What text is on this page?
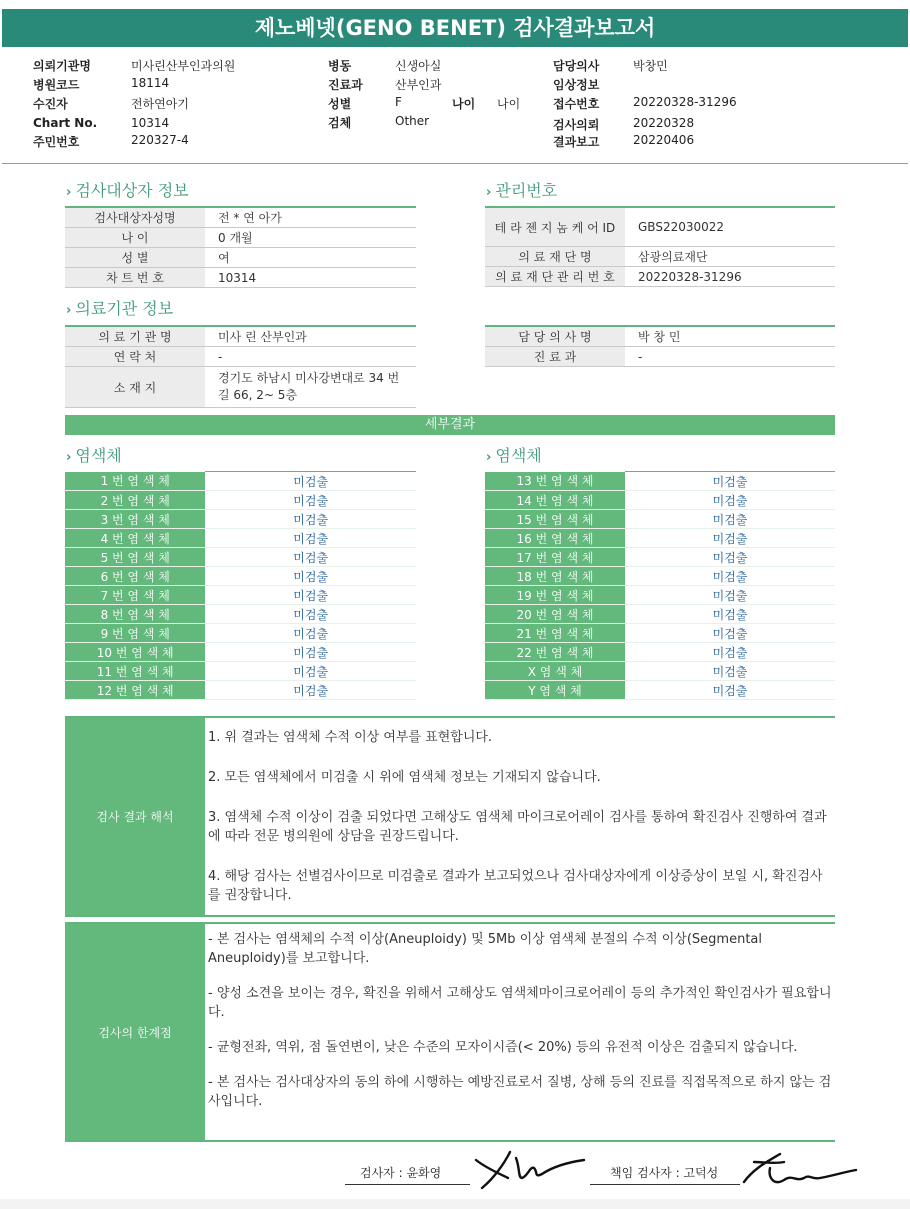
제노베넷(GENO BENET) 검사결과보고서
의뢰기관명	미사린산부인과의원
병원코드	18114
수진자	전하연아기
Chart No.	10314
주민번호	220327-4
병동	신생아실
진료과	산부인과
성별	F	나이 나이
검체	Other
담당의사	박창민
임상정보
접수번호	20220328-31296
검사의뢰	20220328
결과보고	20220406
› 검사대상자 정보
검사대상자성명	전 * 연 아가
나 이	0 개월
성 별	여
차 트 번 호	10314
› 관리번호
테 라 젠 지 놈 케 어 ID	GBS22030022
의 료 재 단 명	삼광의료재단
의 료 재 단 관 리 번 호	20220328-31296
› 의료기관 정보
의 료 기 관 명	미사 린 산부인과
연 락 처	-
소 재 지	경기도 하남시 미사강변대로 34 번길 66, 2~ 5층
담 당 의 사 명	박 창 민
진 료 과	-
세부결과
› 염색체	› 염색체
1 번 염 색 체	미검출
2 번 염 색 체	미검출
3 번 염 색 체	미검출
4 번 염 색 체	미검출
5 번 염 색 체	미검출
6 번 염 색 체	미검출
7 번 염 색 체	미검출
8 번 염 색 체	미검출
9 번 염 색 체	미검출
10 번 염 색 체	미검출
11 번 염 색 체	미검출
12 번 염 색 체	미검출
13 번 염 색 체	미검출
14 번 염 색 체	미검출
15 번 염 색 체	미검출
16 번 염 색 체	미검출
17 번 염 색 체	미검출
18 번 염 색 체	미검출
19 번 염 색 체	미검출
20 번 염 색 체	미검출
21 번 염 색 체	미검출
22 번 염 색 체	미검출
X 염 색 체	미검출
Y 염 색 체	미검출
검사 결과 해석

1. 위 결과는 염색체 수적 이상 여부를 표현합니다.

2. 모든 염색체에서 미검출 시 위에 염색체 정보는 기재되지 않습니다.

3. 염색체 수적 이상이 검출 되었다면 고해상도 염색체 마이크로어레이 검사를 통하여 확진검사 진행하여 결과에 따라 전문 병의원에 상담을 권장드립니다.

4. 해당 검사는 선별검사이므로 미검출로 결과가 보고되었으나 검사대상자에게 이상증상이 보일 시, 확진검사를 권장합니다.

검사의 한계점

- 본 검사는 염색체의 수적 이상(Aneuploidy) 및 5Mb 이상 염색체 분절의 수적 이상(Segmental Aneuploidy)를 보고합니다.

- 양성 소견을 보이는 경우, 확진을 위해서 고해상도 염색체마이크로어레이 등의 추가적인 확인검사가 필요합니다.

- 균형전좌, 역위, 점 돌연변이, 낮은 수준의 모자이시즘(< 20%) 등의 유전적 이상은 검출되지 않습니다.

- 본 검사는 검사대상자의 동의 하에 시행하는 예방진료로서 질병, 상해 등의 진료를 직접목적으로 하지 않는 검사입니다.

검사자 : 윤화영	책임 검사자 : 고덕성
